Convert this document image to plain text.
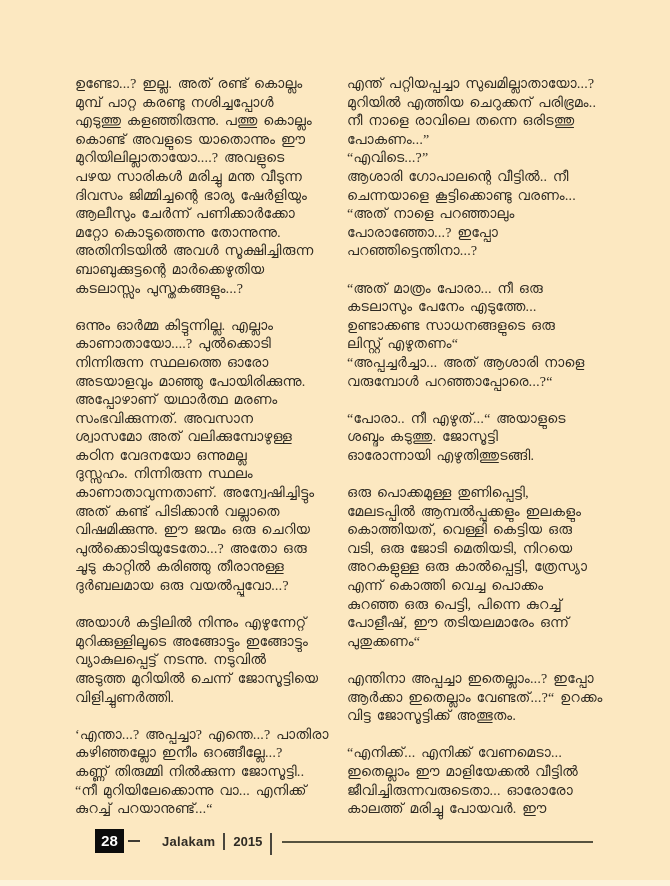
ഉണ്ടോ...? ഇല്ല. അത് രണ്ട് കൊല്ലം
മുമ്പ് പാറ്റ കരണ്ടു നശിച്ചപ്പോൾ
എടുത്തു കളഞ്ഞിരുന്നു. പത്തു കൊല്ലം
കൊണ്ട് അവളുടെ യാതൊന്നും ഈ
മുറിയിലില്ലാതായോ....? അവളുടെ
പഴയ സാരികൾ മരിച്ചു മന്ത വീടുന്ന
ദിവസം ജിമ്മിച്ചന്റെ ഭാര്യ ഷേർളിയും
ആലീസും ചേർന്ന് പണിക്കാർക്കോ
മറ്റോ കൊടുത്തെന്നു തോന്നുന്നു.
അതിനിടയിൽ അവൾ സൂക്ഷിച്ചിരുന്ന
ബാബുക്കുട്ടന്റെ മാർക്കെഴുതിയ
കടലാസ്സും പുസ്തകങ്ങളും...?
ഒന്നും ഓർമ്മ കിട്ടുന്നില്ല. എല്ലാം
കാണാതായോ....? പുൽക്കൊടി
നിന്നിരുന്ന സ്ഥലത്തെ ഓരോ
അടയാളവും മാഞ്ഞു പോയിരിക്കുന്നു.
അപ്പോഴാണ് യഥാർത്ഥ മരണം
സംഭവിക്കുന്നത്. അവസാന
ശ്വാസമോ അത് വലിക്കുമ്പോഴുള്ള
കഠിന വേദനയോ ഒന്നുമല്ല
ദുസ്സഹം. നിന്നിരുന്ന സ്ഥലം
കാണാതാവുന്നതാണ്. അന്വേഷിച്ചിട്ടും
അത് കണ്ട് പിടിക്കാൻ വല്ലാതെ
വിഷമിക്കുന്നു. ഈ ജന്മം ഒരു ചെറിയ
പുൽക്കൊടിയുടേതോ...? അതോ ഒരു
ചൂടു കാറ്റിൽ കരിഞ്ഞു തീരാനുള്ള
ദുർബലമായ ഒരു വയൽപ്പൂവോ...?
അയാൾ കട്ടിലിൽ നിന്നും എഴുന്നേറ്റ്
മുറിക്കുള്ളിലൂടെ അങ്ങോട്ടും ഇങ്ങോട്ടും
വ്യാകുലപ്പെട്ട് നടന്നു. നടുവിൽ
അടുത്ത മുറിയിൽ ചെന്ന് ജോസൂട്ടിയെ
വിളിച്ചുണർത്തി.
‘എന്താ...? അപ്പച്ചാ? എന്തെ...? പാതിരാ
കഴിഞ്ഞല്ലോ ഇനീം ഒറങ്ങീല്ലേ...?
കണ്ണ് തിരുമ്മി നിൽക്കുന്ന ജോസൂട്ടി..
“നീ മുറിയിലേക്കൊന്നു വാ... എനിക്ക്
കുറച്ച് പറയാനുണ്ട്...“
എന്ത് പറ്റിയപ്പച്ചാ സുഖമില്ലാതായോ...?
മുറിയിൽ എത്തിയ ചെറുക്കന് പരിഭ്രമം..
നീ നാളെ രാവിലെ തന്നെ ഒരിടത്തു
പോകണം...”
“എവിടെ...?”
ആശാരി ഗോപാലന്റെ വീട്ടിൽ.. നീ
ചെന്നയാളെ കൂട്ടിക്കൊണ്ടു വരണം...
“അത് നാളെ പറഞ്ഞാലും
പോരാഞ്ഞോ...? ഇപ്പോ
പറഞ്ഞിട്ടെന്തിനാ...?
“അത് മാത്രം പോരാ... നീ ഒരു
കടലാസും പേനേം എടുത്തേ...
ഉണ്ടാക്കണ്ട സാധനങ്ങളുടെ ഒരു
ലിസ്റ്റ് എഴുതണം“
“അപ്പച്ചർച്ചാ... അത് ആശാരി നാളെ
വരുമ്പോൾ പറഞ്ഞാപ്പോരെ...?“
“പോരാ.. നീ എഴുത്...“ അയാളുടെ
ശബ്ദം കടുത്തു. ജോസൂട്ടി
ഓരോന്നായി എഴുതിത്തുടങ്ങി.
ഒരു പൊക്കമുള്ള തുണിപ്പെട്ടി,
മേലടപ്പിൽ ആമ്പൽപ്പൂക്കളും ഇലകളും
കൊത്തിയത്, വെള്ളി കെട്ടിയ ഒരു
വടി, ഒരു ജോടി മെതിയടി, നിറയെ
അറകളുള്ള ഒരു കാൽപ്പെട്ടി, ത്രേസ്യാ
എന്ന് കൊത്തി വെച്ച പൊക്കം
കുറഞ്ഞ ഒരു പെട്ടി, പിന്നെ കുറച്ച്
പോളീഷ്, ഈ തടിയലമാരേം ഒന്ന്
പുതുക്കണം“
എന്തിനാ അപ്പച്ചാ ഇതെല്ലാം...? ഇപ്പോ
ആർക്കാ ഇതെല്ലാം വേണ്ടത്...?“ ഉറക്കം
വിട്ട ജോസൂട്ടിക്ക് അത്ഭുതം.
“എനിക്ക്... എനിക്ക് വേണമെടാ...
ഇതെല്ലാം ഈ മാളിയേക്കൽ വീട്ടിൽ
ജീവിച്ചിരുന്നവരുടെതാ... ഓരോരോ
കാലത്ത് മരിച്ചു പോയവർ. ഈ
28	Jalakam 2015
